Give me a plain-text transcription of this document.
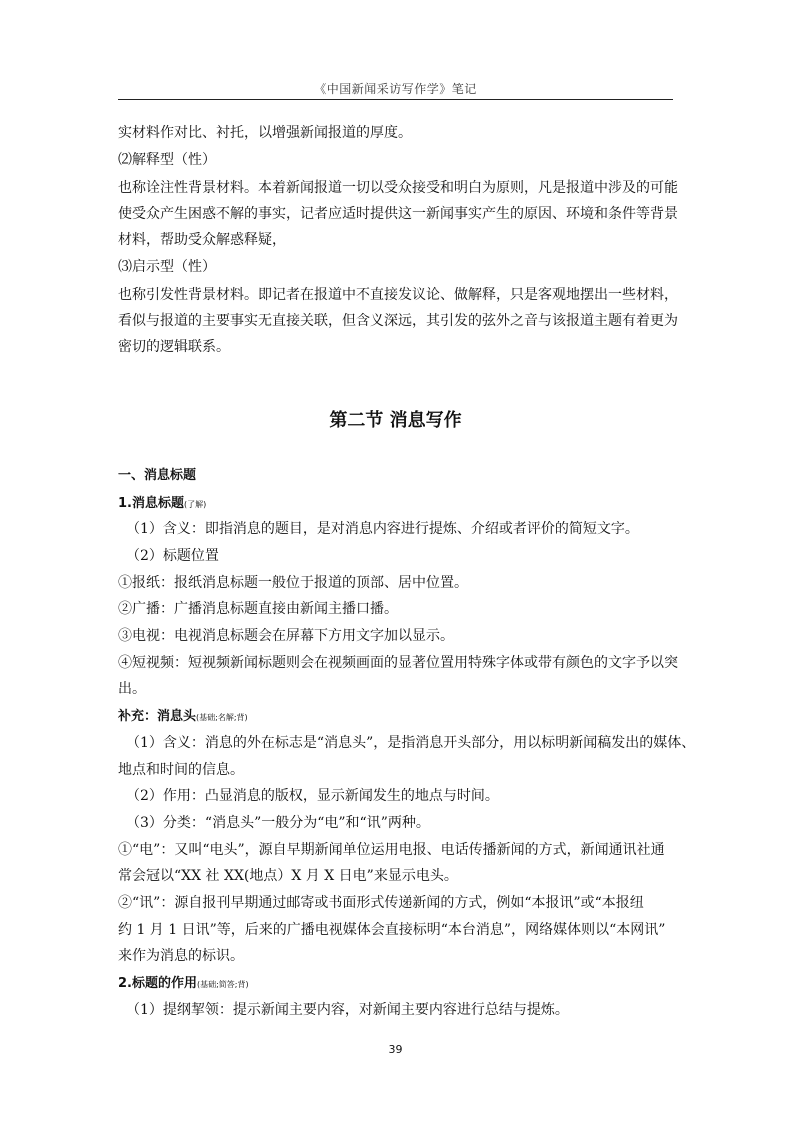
《中国新闻采访写作学》笔记
实材料作对比、衬托，以增强新闻报道的厚度。
⑵解释型（性）
也称诠注性背景材料。本着新闻报道一切以受众接受和明白为原则，凡是报道中涉及的可能
使受众产生困惑不解的事实，记者应适时提供这一新闻事实产生的原因、环境和条件等背景
材料，帮助受众解惑释疑，
⑶启示型（性）
也称引发性背景材料。即记者在报道中不直接发议论、做解释，只是客观地摆出一些材料，
看似与报道的主要事实无直接关联，但含义深远，其引发的弦外之音与该报道主题有着更为
密切的逻辑联系。
第二节 消息写作
一、消息标题
1.消息标题(了解)
（1）含义：即指消息的题目，是对消息内容进行提炼、介绍或者评价的简短文字。
（2）标题位置
①报纸：报纸消息标题一般位于报道的顶部、居中位置。
②广播：广播消息标题直接由新闻主播口播。
③电视：电视消息标题会在屏幕下方用文字加以显示。
④短视频：短视频新闻标题则会在视频画面的显著位置用特殊字体或带有颜色的文字予以突
出。
补充：消息头(基础;名解;背)
（1）含义：消息的外在标志是“消息头”，是指消息开头部分，用以标明新闻稿发出的媒体、
地点和时间的信息。
（2）作用：凸显消息的版权，显示新闻发生的地点与时间。
（3）分类：“消息头”一般分为“电”和“讯”两种。
①“电”：又叫“电头”，源自早期新闻单位运用电报、电话传播新闻的方式，新闻通讯社通
常会冠以“XX 社 XX(地点）X 月 X 日电”来显示电头。
②“讯”：源自报刊早期通过邮寄或书面形式传递新闻的方式，例如“本报讯”或“本报纽
约 1 月 1 日讯”等，后来的广播电视媒体会直接标明“本台消息”，网络媒体则以“本网讯”
来作为消息的标识。
2.标题的作用(基础;简答;背)
（1）提纲挈领：提示新闻主要内容，对新闻主要内容进行总结与提炼。
39
